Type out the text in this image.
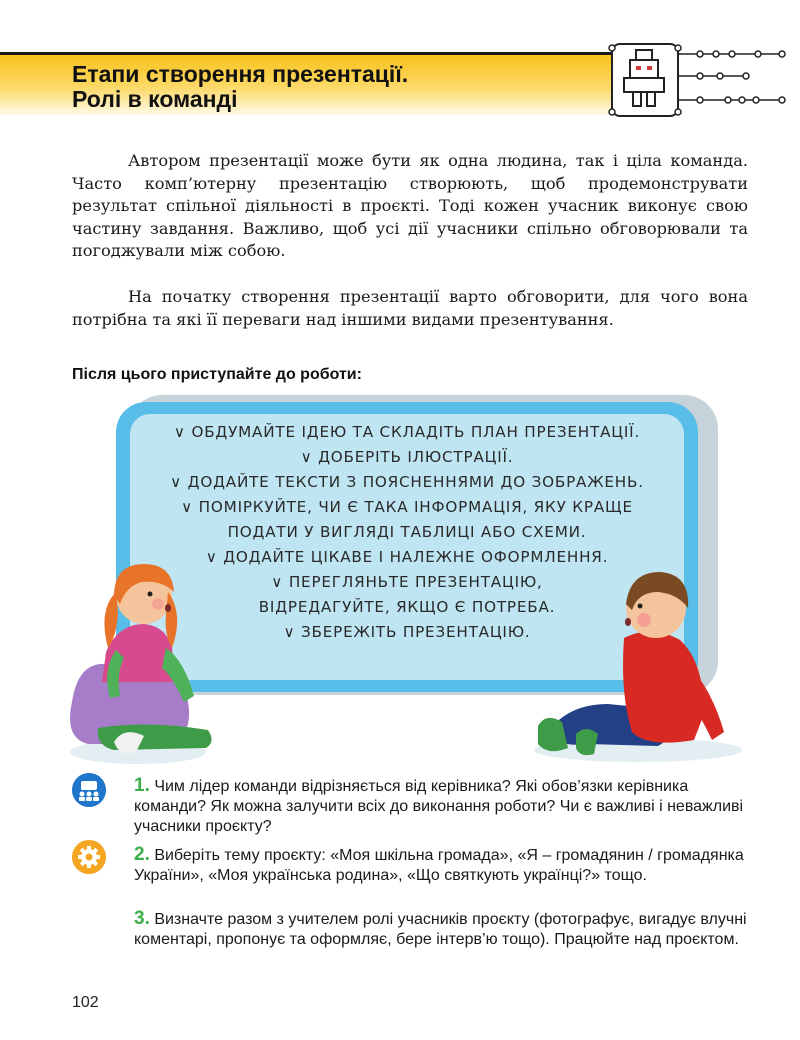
Етапи створення презентації.
Ролі в команді
Автором презентації може бути як одна людина, так і ціла команда. Часто комп’ютерну презентацію створюють, щоб продемонструвати результат спільної діяльності в проєкті. Тоді кожен учасник виконує свою частину завдання. Важливо, щоб усі дії учасники спільно обговорювали та погоджували між собою.
На початку створення презентації варто обговорити, для чого вона потрібна та які її переваги над іншими видами презентування.
Після цього приступайте до роботи:
∨ ОБДУМАЙТЕ ІДЕЮ ТА СКЛАДІТЬ ПЛАН ПРЕЗЕНТАЦІЇ.
∨ ДОБЕРІТЬ ІЛЮСТРАЦІЇ.
∨ ДОДАЙТЕ ТЕКСТИ З ПОЯСНЕННЯМИ ДО ЗОБРАЖЕНЬ.
∨ ПОМІРКУЙТЕ, ЧИ Є ТАКА ІНФОРМАЦІЯ, ЯКУ КРАЩЕ
ПОДАТИ У ВИГЛЯДІ ТАБЛИЦІ АБО СХЕМИ.
∨ ДОДАЙТЕ ЦІКАВЕ І НАЛЕЖНЕ ОФОРМЛЕННЯ.
∨ ПЕРЕГЛЯНЬТЕ ПРЕЗЕНТАЦІЮ,
ВІДРЕДАГУЙТЕ, ЯКЩО Є ПОТРЕБА.
∨ ЗБЕРЕЖІТЬ ПРЕЗЕНТАЦІЮ.
1. Чим лідер команди відрізняється від керівника? Які обов’язки керівника команди? Як можна залучити всіх до виконання роботи? Чи є важливі і неважливі учасники проєкту?
2. Виберіть тему проєкту: «Моя шкільна громада», «Я – громадянин / громадянка України», «Моя українська родина», «Що святкують українці?» тощо.
3. Визначте разом з учителем ролі учасників проєкту (фотографує, вигадує влучні коментарі, пропонує та оформляє, бере інтерв’ю тощо). Працюйте над проєктом.
102
